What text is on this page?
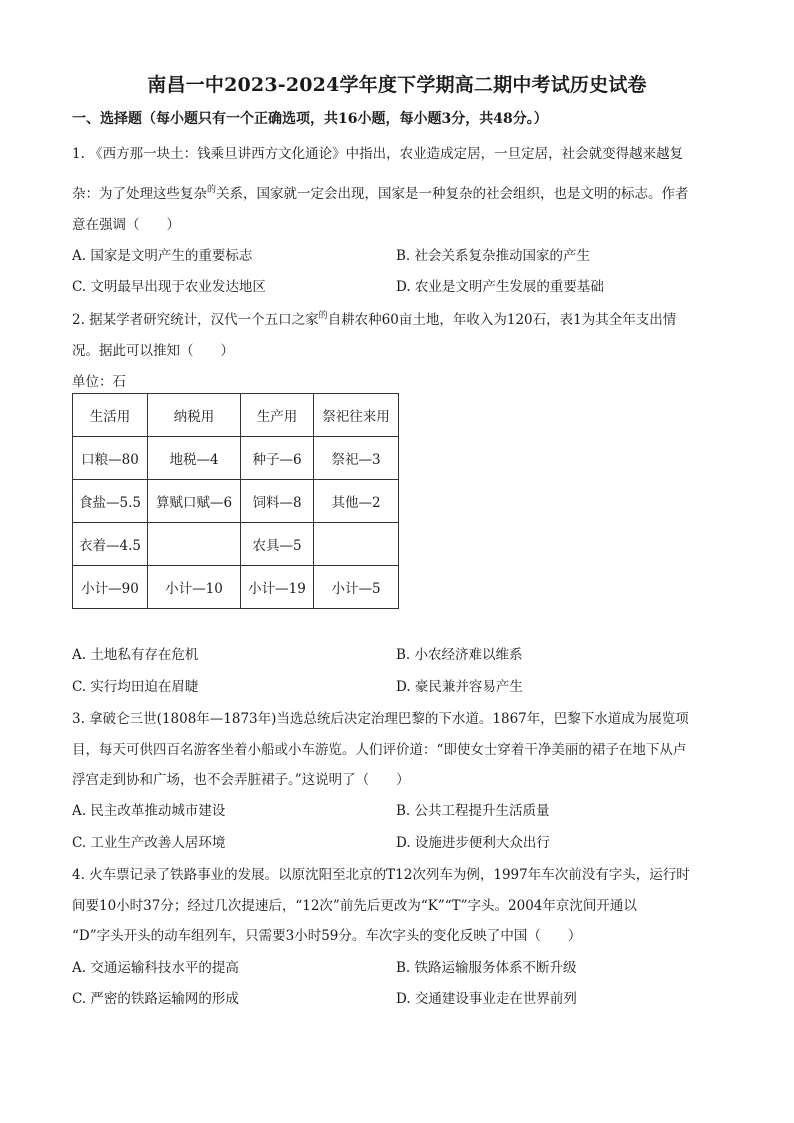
南昌一中2023-2024学年度下学期高二期中考试历史试卷
一、选择题（每小题只有一个正确选项，共16小题，每小题3分，共48分。）
1. 《西方那一块土：钱乘旦讲西方文化通论》中指出，农业造成定居，一旦定居，社会就变得越来越复
杂：为了处理这些复杂$^的$关系，国家就一定会出现，国家是一种复杂的社会组织，也是文明的标志。作者
意在强调（　　）
A. 国家是文明产生的重要标志	B. 社会关系复杂推动国家的产生
C. 文明最早出现于农业发达地区	D. 农业是文明产生发展的重要基础
2. 据某学者研究统计，汉代一个五口之家$^的$自耕农种60亩土地，年收入为120石，表1为其全年支出情
况。据此可以推知（　　）
单位：石
生活用	纳税用	生产用	祭祀往来用
口粮—80	地税—4	种子—6	祭祀—3
食盐—5.5	算赋口赋—6	饲料—8	其他—2
衣着—4.5		农具—5	
小计—90	小计—10	小计—19	小计—5
A. 土地私有存在危机	B. 小农经济难以维系
C. 实行均田迫在眉睫	D. 豪民兼并容易产生
3. 拿破仑三世(1808年—1873年)当选总统后决定治理巴黎的下水道。1867年，巴黎下水道成为展览项
目，每天可供四百名游客坐着小船或小车游览。人们评价道：“即使女士穿着干净美丽的裙子在地下从卢
浮宫走到协和广场，也不会弄脏裙子。”这说明了（　　）
A. 民主改革推动城市建设	B. 公共工程提升生活质量
C. 工业生产改善人居环境	D. 设施进步便利大众出行
4. 火车票记录了铁路事业的发展。以原沈阳至北京的T12次列车为例，1997年车次前没有字头，运行时
间要10小时37分；经过几次提速后，“12次”前先后更改为“K”“T”字头。2004年京沈间开通以
“D”字头开头的动车组列车，只需要3小时59分。车次字头的变化反映了中国（　　）
A. 交通运输科技水平的提高	B. 铁路运输服务体系不断升级
C. 严密的铁路运输网的形成	D. 交通建设事业走在世界前列
